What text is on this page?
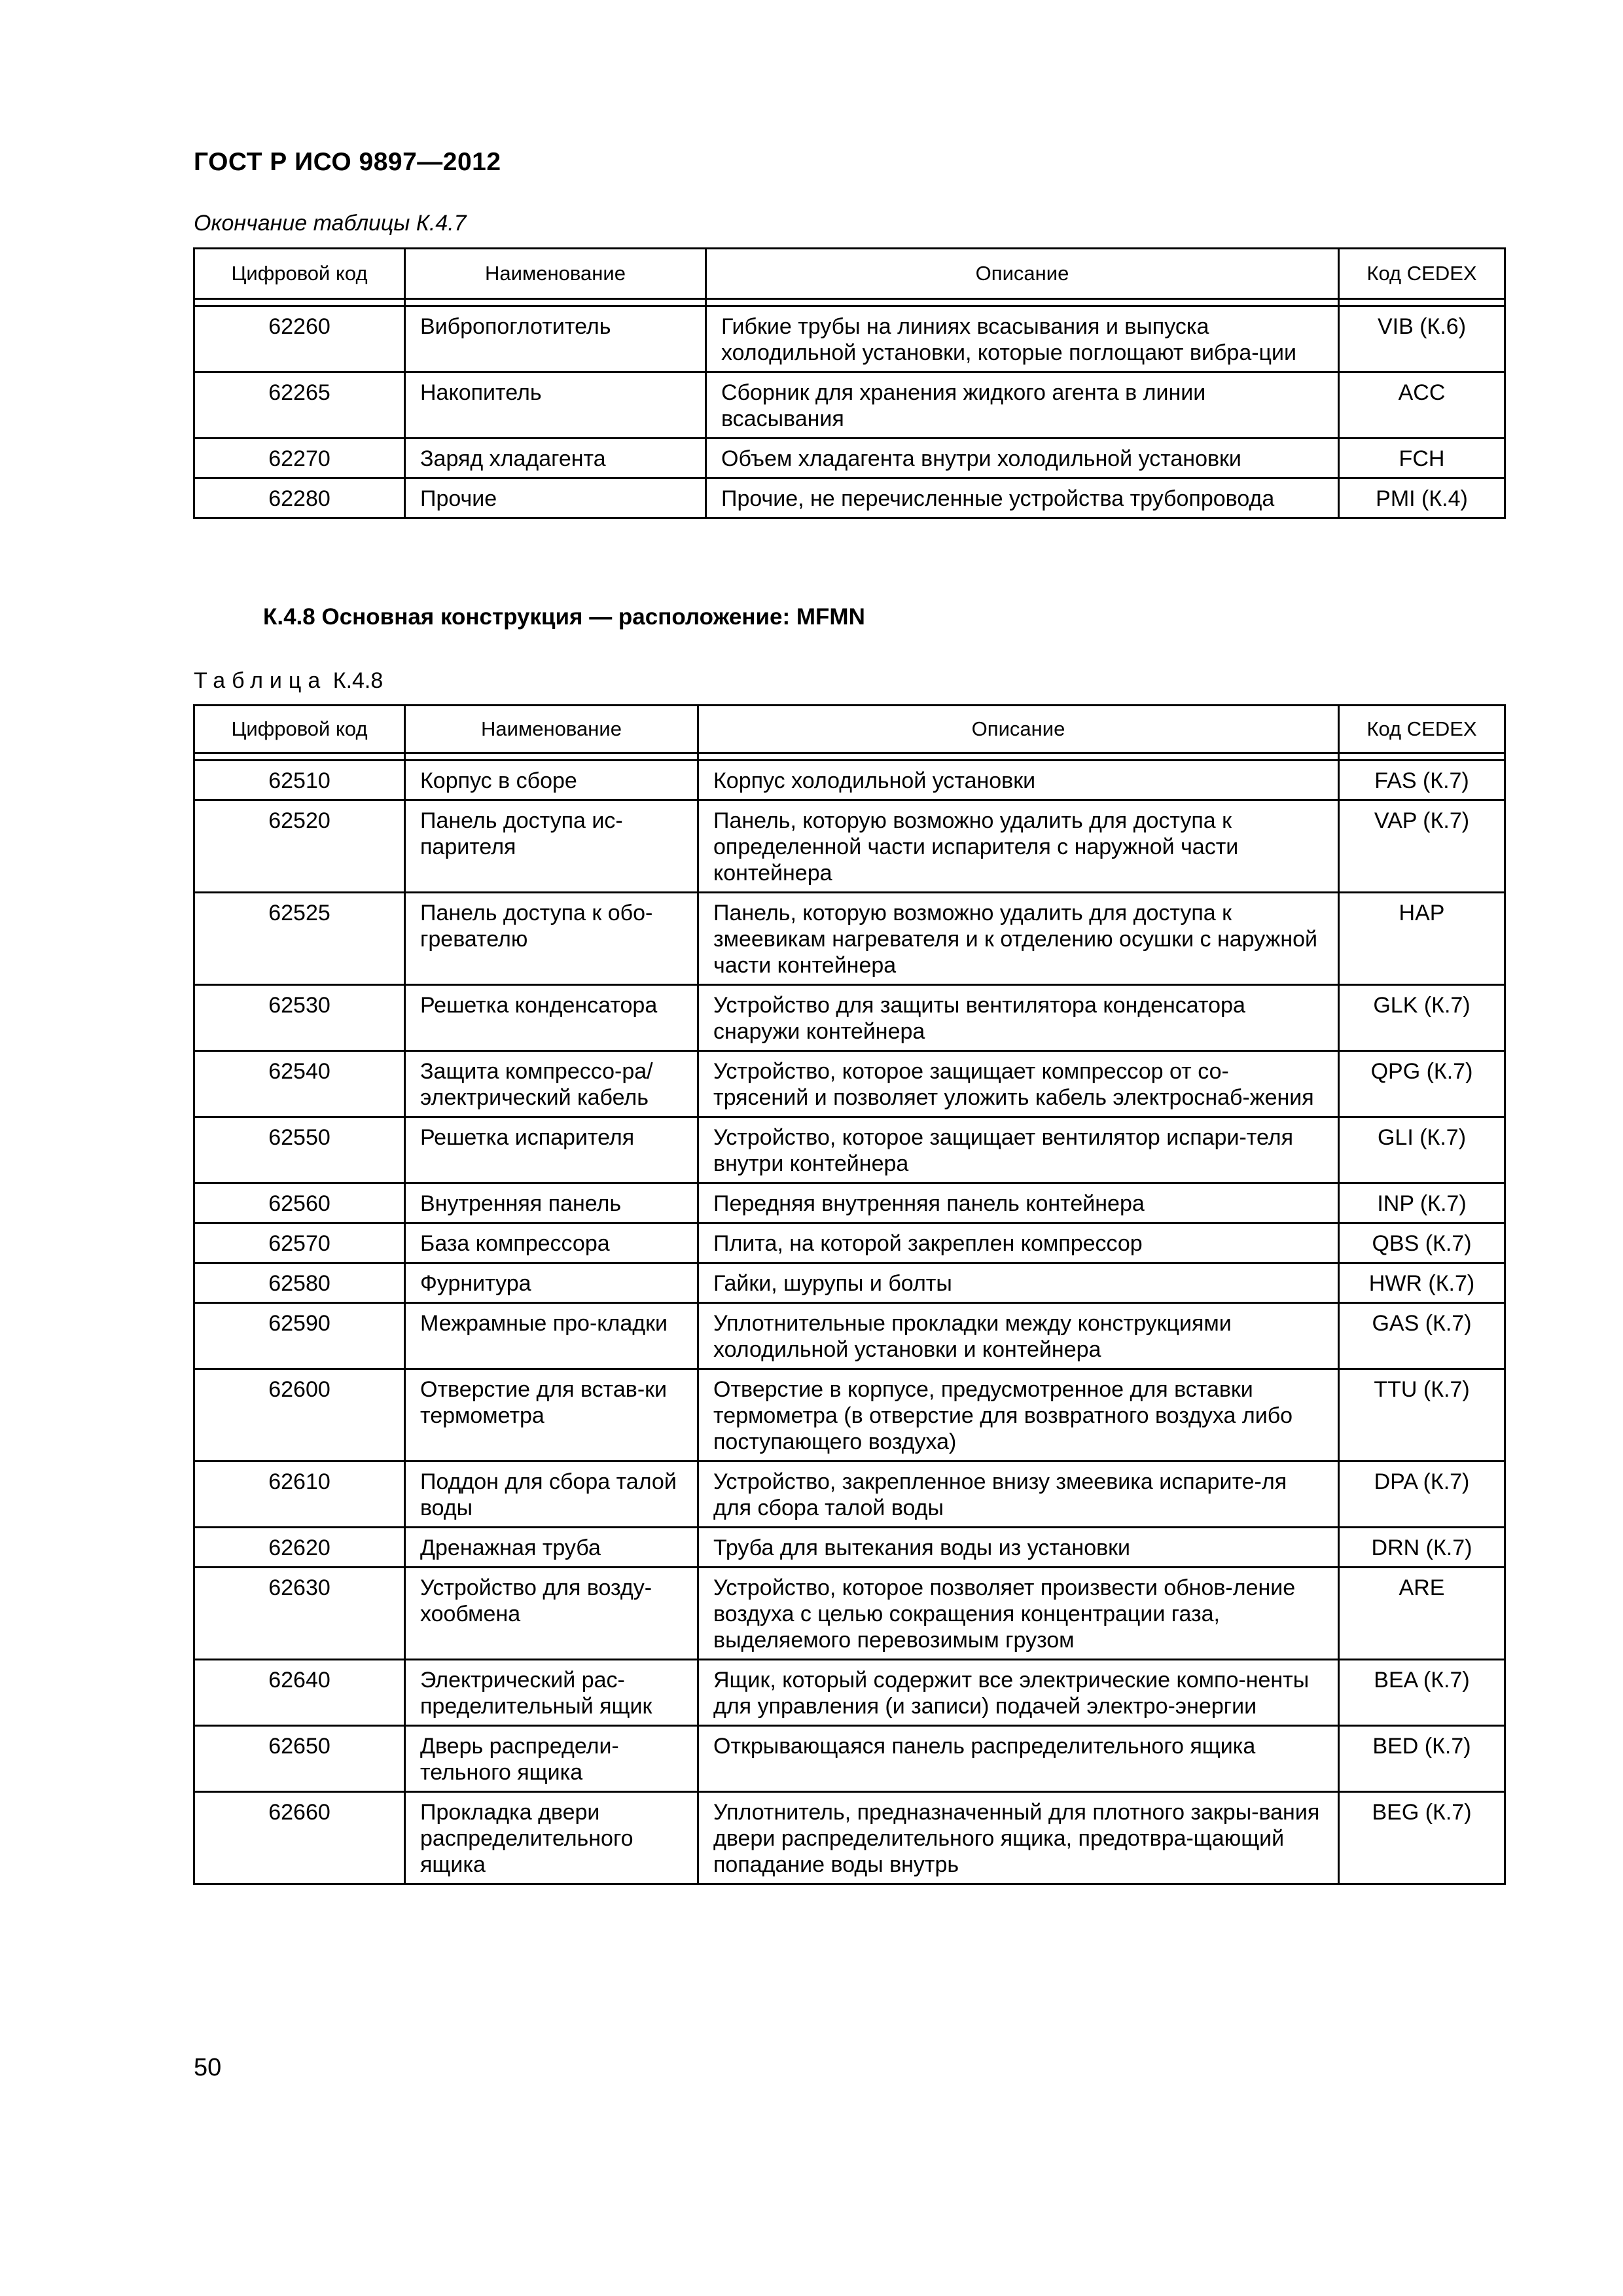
ГОСТ Р ИСО 9897—2012
Окончание таблицы К.4.7
Цифровой код	Наименование	Описание	Код CEDEX

62260	Вибропоглотитель	Гибкие трубы на линиях всасывания и выпуска холодильной установки, которые поглощают вибра-ции	VIB (К.6)
62265	Накопитель	Сборник для хранения жидкого агента в линии всасывания	ACC
62270	Заряд хладагента	Объем хладагента внутри холодильной установки	FCH
62280	Прочие	Прочие, не перечисленные устройства трубопровода	PMI (К.4)
К.4.8 Основная конструкция — расположение: MFMN
Таблица К.4.8
Цифровой код	Наименование	Описание	Код CEDEX

62510	Корпус в сборе	Корпус холодильной установки	FAS (К.7)
62520	Панель доступа ис-парителя	Панель, которую возможно удалить для доступа к определенной части испарителя с наружной части контейнера	VAP (К.7)
62525	Панель доступа к обо-гревателю	Панель, которую возможно удалить для доступа к змеевикам нагревателя и к отделению осушки с наружной части контейнера	HAP
62530	Решетка конденсатора	Устройство для защиты вентилятора конденсатора снаружи контейнера	GLK (К.7)
62540	Защита компрессо-ра/электрический кабель	Устройство, которое защищает компрессор от со-трясений и позволяет уложить кабель электроснаб-жения	QPG (К.7)
62550	Решетка испарителя	Устройство, которое защищает вентилятор испари-теля внутри контейнера	GLI (К.7)
62560	Внутренняя панель	Передняя внутренняя панель контейнера	INP (К.7)
62570	База компрессора	Плита, на которой закреплен компрессор	QBS (К.7)
62580	Фурнитура	Гайки, шурупы и болты	HWR (К.7)
62590	Межрамные про-кладки	Уплотнительные прокладки между конструкциями холодильной установки и контейнера	GAS (К.7)
62600	Отверстие для встав-ки термометра	Отверстие в корпусе, предусмотренное для вставки термометра (в отверстие для возвратного воздуха либо поступающего воздуха)	TTU (К.7)
62610	Поддон для сбора талой воды	Устройство, закрепленное внизу змеевика испарите-ля для сбора талой воды	DPA (К.7)
62620	Дренажная труба	Труба для вытекания воды из установки	DRN (К.7)
62630	Устройство для возду-хообмена	Устройство, которое позволяет произвести обнов-ление воздуха с целью сокращения концентрации газа, выделяемого перевозимым грузом	ARE
62640	Электрический рас-пределительный ящик	Ящик, который содержит все электрические компо-ненты для управления (и записи) подачей электро-энергии	BEA (К.7)
62650	Дверь распредели-тельного ящика	Открывающаяся панель распределительного ящика	BED (К.7)
62660	Прокладка двери распределительного ящика	Уплотнитель, предназначенный для плотного закры-вания двери распределительного ящика, предотвра-щающий попадание воды внутрь	BEG (К.7)
50
